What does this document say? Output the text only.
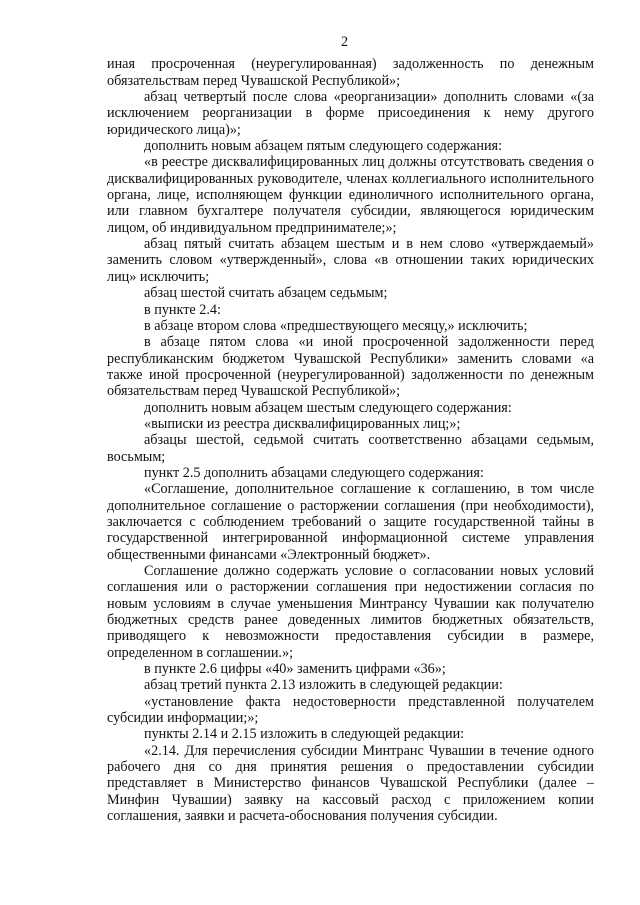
2

иная просроченная (неурегулированная) задолженность по денежным обязательствам перед Чувашской Республикой»;

абзац четвертый после слова «реорганизации» дополнить словами «(за исключением реорганизации в форме присоединения к нему другого юридического лица)»;

дополнить новым абзацем пятым следующего содержания:

«в реестре дисквалифицированных лиц должны отсутствовать сведения о дисквалифицированных руководителе, членах коллегиального исполнительного органа, лице, исполняющем функции единоличного исполнительного органа, или главном бухгалтере получателя субсидии, являющегося юридическим лицом, об индивидуальном предпринимателе;»;

абзац пятый считать абзацем шестым и в нем слово «утверждаемый» заменить словом «утвержденный», слова «в отношении таких юридических лиц» исключить;

абзац шестой считать абзацем седьмым;

в пункте 2.4:

в абзаце втором слова «предшествующего месяцу,» исключить;

в абзаце пятом слова «и иной просроченной задолженности перед республиканским бюджетом Чувашской Республики» заменить словами «а также иной просроченной (неурегулированной) задолженности по денежным обязательствам перед Чувашской Республикой»;

дополнить новым абзацем шестым следующего содержания:

«выписки из реестра дисквалифицированных лиц;»;

абзацы шестой, седьмой считать соответственно абзацами седьмым, восьмым;

пункт 2.5 дополнить абзацами следующего содержания:

«Соглашение, дополнительное соглашение к соглашению, в том числе дополнительное соглашение о расторжении соглашения (при необходимости), заключается с соблюдением требований о защите государственной тайны в государственной интегрированной информационной системе управления общественными финансами «Электронный бюджет».

Соглашение должно содержать условие о согласовании новых условий соглашения или о расторжении соглашения при недостижении согласия по новым условиям в случае уменьшения Минтрансу Чувашии как получателю бюджетных средств ранее доведенных лимитов бюджетных обязательств, приводящего к невозможности предоставления субсидии в размере, определенном в соглашении.»;

в пункте 2.6 цифры «40» заменить цифрами «36»;

абзац третий пункта 2.13 изложить в следующей редакции:

«установление факта недостоверности представленной получателем субсидии информации;»;

пункты 2.14 и 2.15 изложить в следующей редакции:

«2.14. Для перечисления субсидии Минтранс Чувашии в течение одного рабочего дня со дня принятия решения о предоставлении субсидии представляет в Министерство финансов Чувашской Республики (далее – Минфин Чувашии) заявку на кассовый расход с приложением копии соглашения, заявки и расчета-обоснования получения субсидии.
